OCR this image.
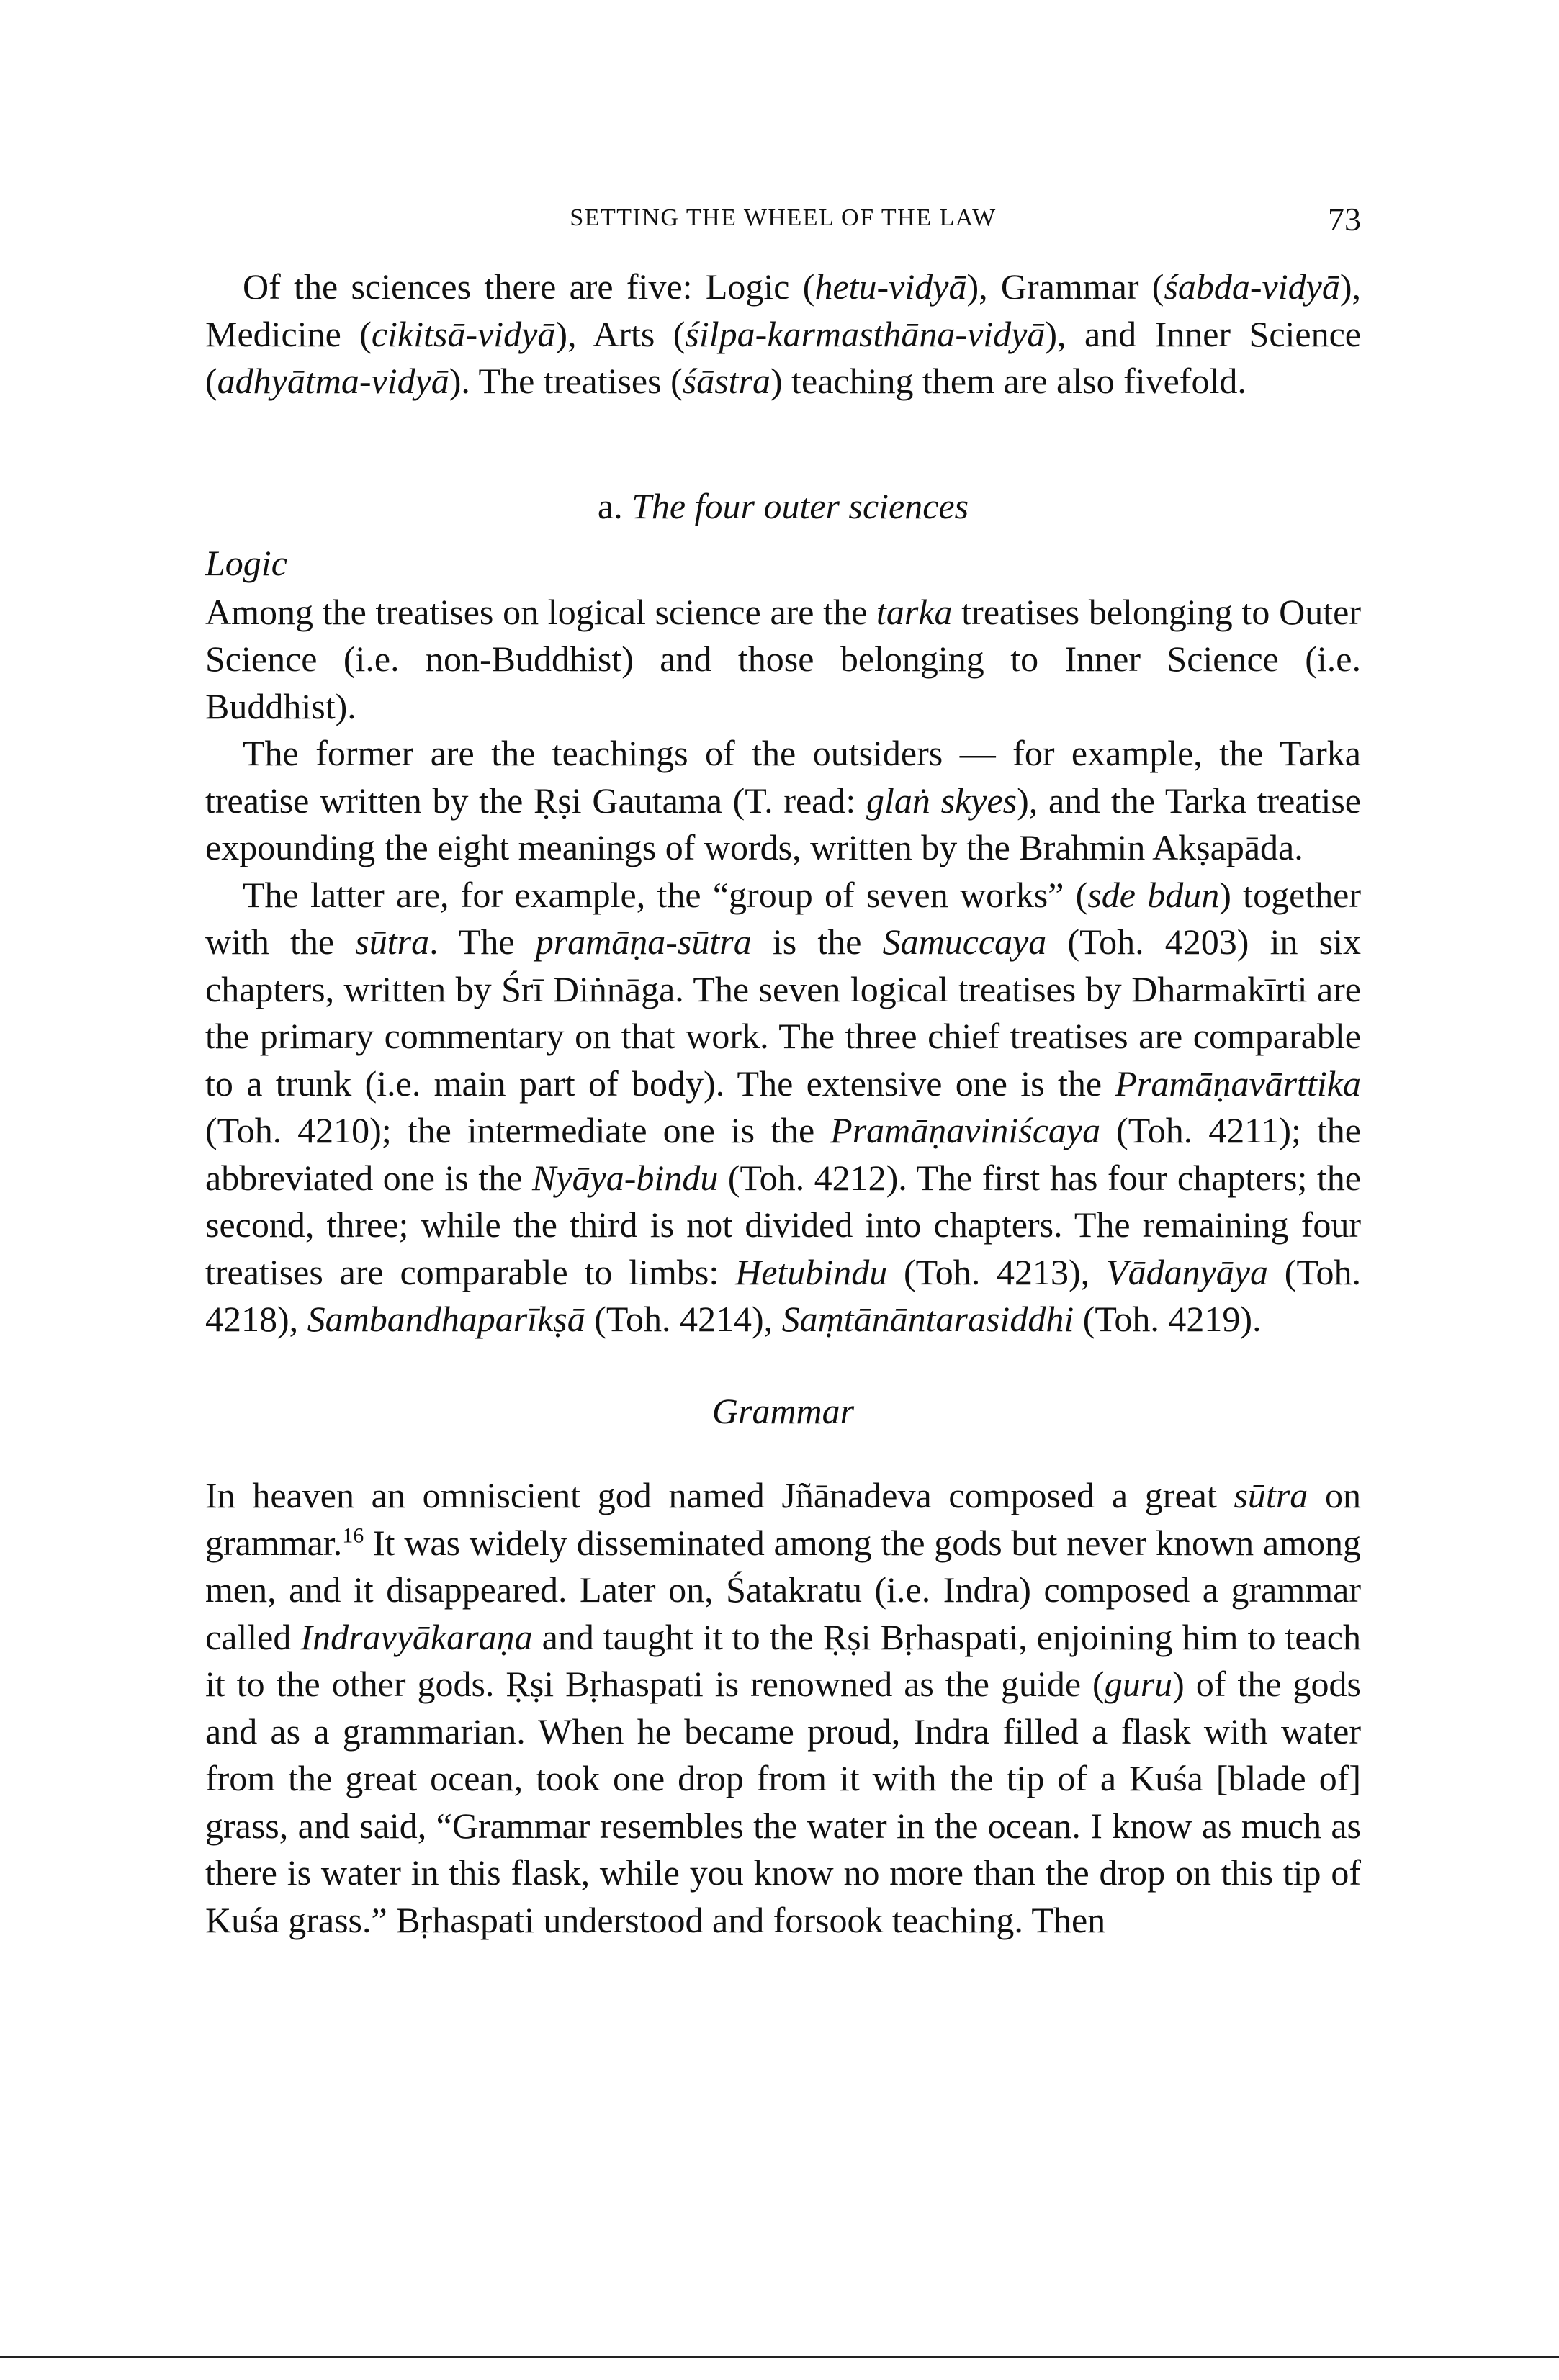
SETTING THE WHEEL OF THE LAW	73

Of the sciences there are five: Logic (hetu-vidyā), Grammar (śabda-vidyā), Medicine (cikitsā-vidyā), Arts (śilpa-karmasthāna-vidyā), and Inner Science (adhyātma-vidyā). The treatises (śāstra) teaching them are also fivefold.

a. The four outer sciences
Logic

Among the treatises on logical science are the tarka treatises belonging to Outer Science (i.e. non-Buddhist) and those belonging to Inner Science (i.e. Buddhist).

The former are the teachings of the outsiders — for example, the Tarka treatise written by the Ṛṣi Gautama (T. read: glaṅ skyes), and the Tarka treatise expounding the eight meanings of words, written by the Brahmin Akṣapāda.

The latter are, for example, the “group of seven works” (sde bdun) together with the sūtra. The pramāṇa-sūtra is the Samuccaya (Toh. 4203) in six chapters, written by Śrī Diṅnāga. The seven logical treatises by Dharmakīrti are the primary commentary on that work. The three chief treatises are comparable to a trunk (i.e. main part of body). The extensive one is the Pramāṇavārttika (Toh. 4210); the intermediate one is the Pramāṇaviniścaya (Toh. 4211); the abbreviated one is the Nyāya-bindu (Toh. 4212). The first has four chapters; the second, three; while the third is not divided into chapters. The remaining four treatises are comparable to limbs: Hetubindu (Toh. 4213), Vādanyāya (Toh. 4218), Sambandhaparīkṣā (Toh. 4214), Saṃtānāntarasiddhi (Toh. 4219).

Grammar

In heaven an omniscient god named Jñānadeva composed a great sūtra on grammar.$^{16}$ It was widely disseminated among the gods but never known among men, and it disappeared. Later on, Śatakratu (i.e. Indra) composed a grammar called Indravyākaraṇa and taught it to the Ṛṣi Bṛhaspati, enjoining him to teach it to the other gods. Ṛṣi Bṛhaspati is renowned as the guide (guru) of the gods and as a grammarian. When he became proud, Indra filled a flask with water from the great ocean, took one drop from it with the tip of a Kuśa [blade of] grass, and said, “Grammar resembles the water in the ocean. I know as much as there is water in this flask, while you know no more than the drop on this tip of Kuśa grass.” Bṛhaspati understood and forsook teaching. Then
